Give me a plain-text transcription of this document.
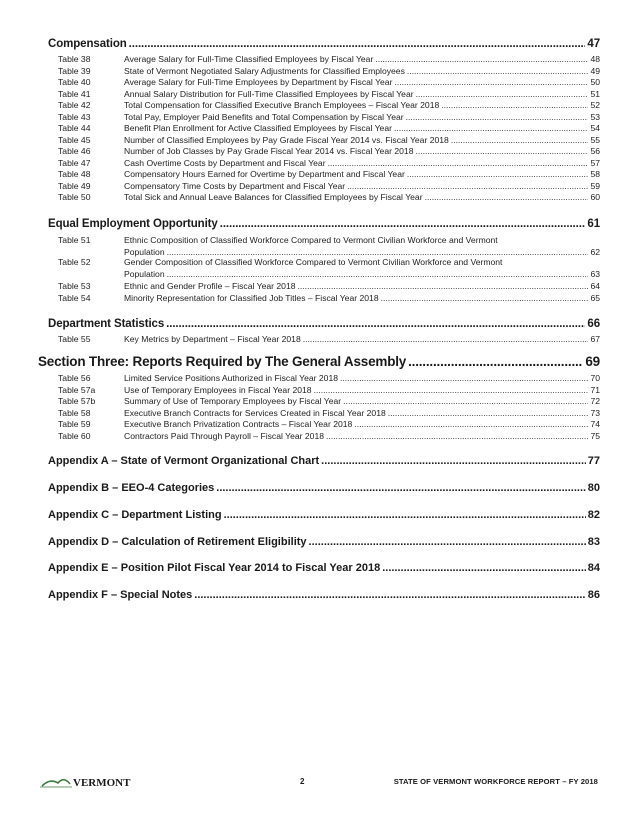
Compensation .....	47
Table 38	Average Salary for Full-Time Classified Employees by Fiscal Year .....	48
Table 39	State of Vermont Negotiated Salary Adjustments for Classified Employees .....	49
Table 40	Average Salary for Full-Time Employees by Department by Fiscal Year .....	50
Table 41	Annual Salary Distribution for Full-Time Classified Employees by Fiscal Year .....	51
Table 42	Total Compensation for Classified Executive Branch Employees – Fiscal Year 2018 .....	52
Table 43	Total Pay, Employer Paid Benefits and Total Compensation by Fiscal Year .....	53
Table 44	Benefit Plan Enrollment for Active Classified Employees by Fiscal Year .....	54
Table 45	Number of Classified Employees by Pay Grade Fiscal Year 2014 vs. Fiscal Year 2018 .....	55
Table 46	Number of Job Classes by Pay Grade Fiscal Year 2014 vs. Fiscal Year 2018 .....	56
Table 47	Cash Overtime Costs by Department and Fiscal Year .....	57
Table 48	Compensatory Hours Earned for Overtime by Department and Fiscal Year .....	58
Table 49	Compensatory Time Costs by Department and Fiscal Year .....	59
Table 50	Total Sick and Annual Leave Balances for Classified Employees by Fiscal Year .....	60
Equal Employment Opportunity .....	61
Table 51	Ethnic Composition of Classified Workforce Compared to Vermont Civilian Workforce and Vermont
Population .....	62
Table 52	Gender Composition of Classified Workforce Compared to Vermont Civilian Workforce and Vermont
Population .....	63
Table 53	Ethnic and Gender Profile – Fiscal Year 2018 .....	64
Table 54	Minority Representation for Classified Job Titles – Fiscal Year 2018 .....	65
Department Statistics .....	66
Table 55	Key Metrics by Department – Fiscal Year 2018 .....	67
Section Three: Reports Required by The General Assembly .....	69
Table 56	Limited Service Positions Authorized in Fiscal Year 2018 .....	70
Table 57a	Use of Temporary Employees in Fiscal Year 2018 .....	71
Table 57b	Summary of Use of Temporary Employees by Fiscal Year .....	72
Table 58	Executive Branch Contracts for Services Created in Fiscal Year 2018 .....	73
Table 59	Executive Branch Privatization Contracts – Fiscal Year 2018 .....	74
Table 60	Contractors Paid Through Payroll – Fiscal Year 2018 .....	75
Appendix A – State of Vermont Organizational Chart .....	77
Appendix B – EEO-4 Categories .....	80
Appendix C – Department Listing .....	82
Appendix D – Calculation of Retirement Eligibility .....	83
Appendix E – Position Pilot Fiscal Year 2014 to Fiscal Year 2018 .....	84
Appendix F – Special Notes .....	86
VERMONT	2	STATE OF VERMONT WORKFORCE REPORT – FY 2018
